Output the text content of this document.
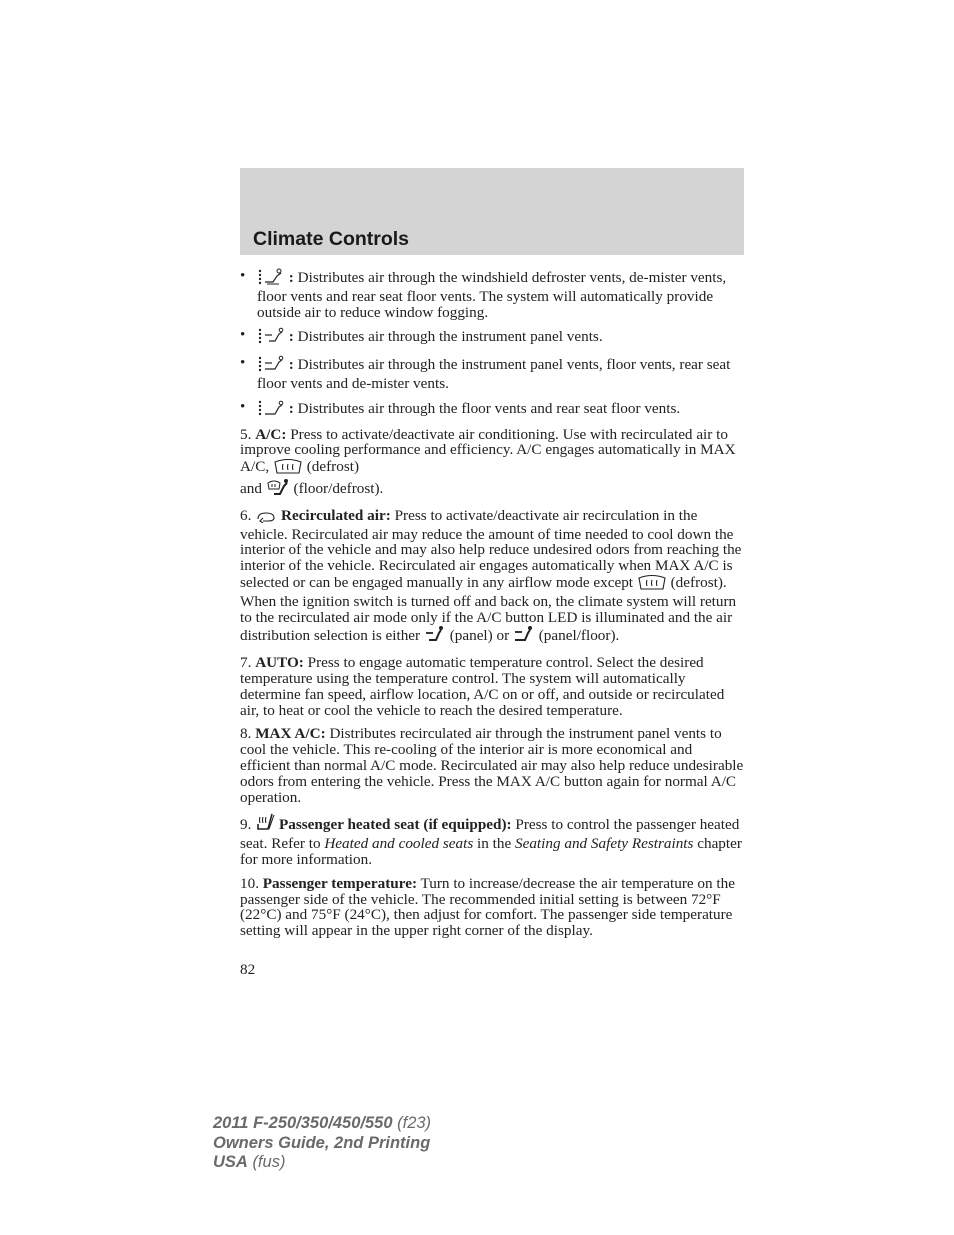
Climate Controls
•	: Distributes air through the windshield defroster vents, de-mister vents, floor vents and rear seat floor vents. The system will automatically provide outside air to reduce window fogging.
•	: Distributes air through the instrument panel vents.
•	: Distributes air through the instrument panel vents, floor vents, rear seat floor vents and de-mister vents.
•	: Distributes air through the floor vents and rear seat floor vents.
5. A/C: Press to activate/deactivate air conditioning. Use with recirculated air to improve cooling performance and efficiency. A/C engages automatically in MAX A/C, (defrost)
and (floor/defrost).
6. Recirculated air: Press to activate/deactivate air recirculation in the vehicle. Recirculated air may reduce the amount of time needed to cool down the interior of the vehicle and may also help reduce undesired odors from reaching the interior of the vehicle. Recirculated air engages automatically when MAX A/C is selected or can be engaged manually in any airflow mode except (defrost). When the ignition switch is turned off and back on, the climate system will return to the recirculated air mode only if the A/C button LED is illuminated and the air distribution selection is either (panel) or (panel/floor).
7. AUTO: Press to engage automatic temperature control. Select the desired temperature using the temperature control. The system will automatically determine fan speed, airflow location, A/C on or off, and outside or recirculated air, to heat or cool the vehicle to reach the desired temperature.
8. MAX A/C: Distributes recirculated air through the instrument panel vents to cool the vehicle. This re-cooling of the interior air is more economical and efficient than normal A/C mode. Recirculated air may also help reduce undesirable odors from entering the vehicle. Press the MAX A/C button again for normal A/C operation.
9. Passenger heated seat (if equipped): Press to control the passenger heated seat. Refer to Heated and cooled seats in the Seating and Safety Restraints chapter for more information.
10. Passenger temperature: Turn to increase/decrease the air temperature on the passenger side of the vehicle. The recommended initial setting is between 72°F (22°C) and 75°F (24°C), then adjust for comfort. The passenger side temperature setting will appear in the upper right corner of the display.
82
2011 F-250/350/450/550 (f23)
Owners Guide, 2nd Printing
USA (fus)
